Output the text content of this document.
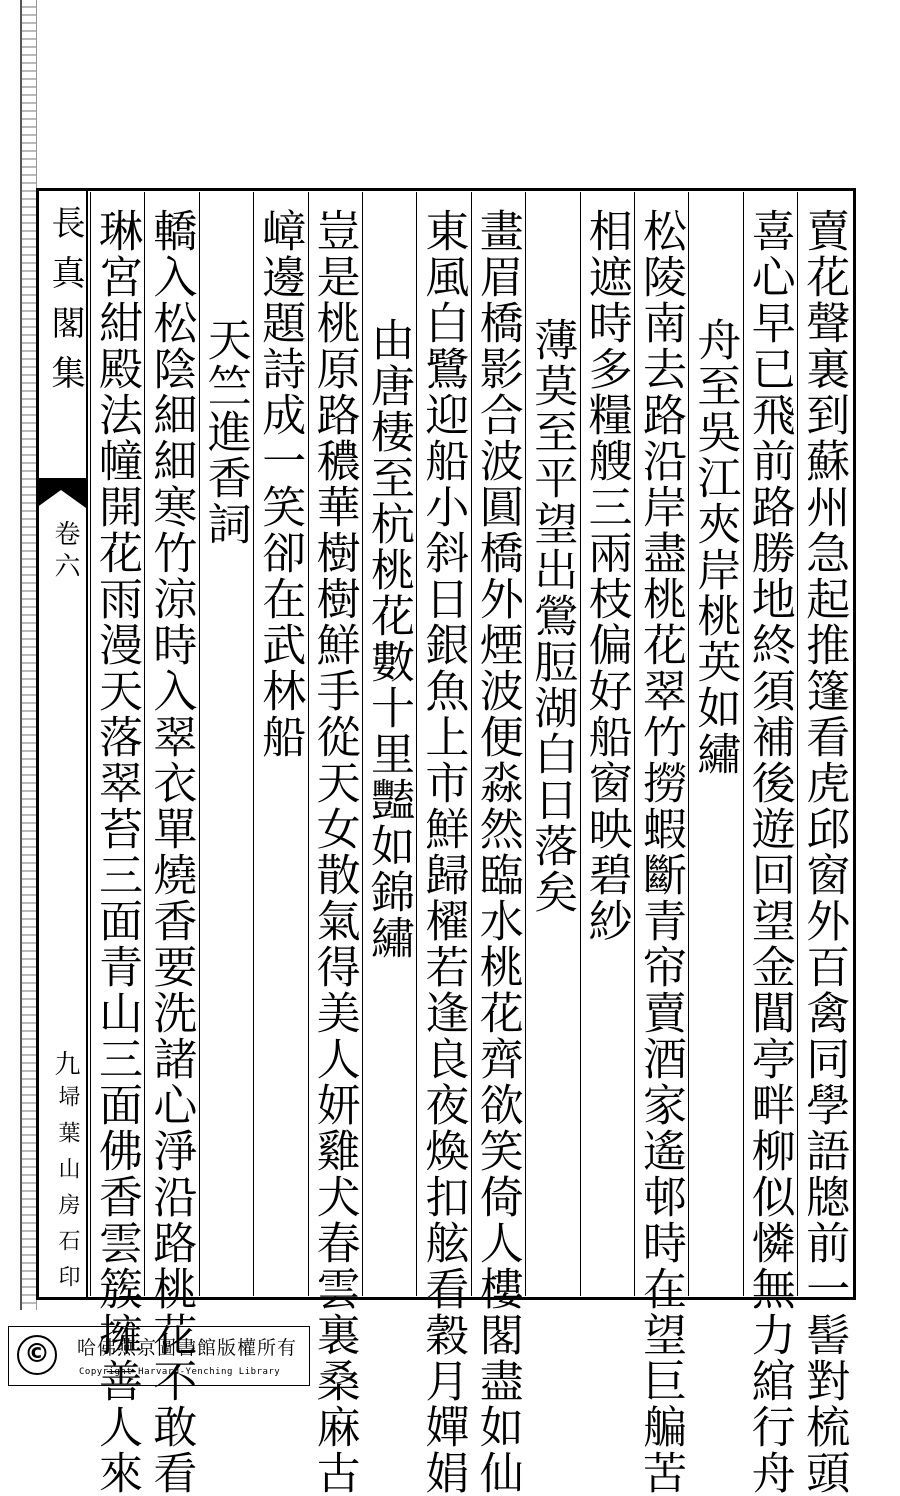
長真閣集
卷六
九
埽葉山房石印	賣花聲裏到蘇州急起推篷看虎邱窗外百禽同學語牕前一髻對梳頭
喜心早已飛前路勝地終須補後遊回望金閶亭畔柳似憐無力綰行舟
舟至吳江夾岸桃英如繡
松陵南去路沿岸盡桃花翠竹撈蝦斷青帘賣酒家遙邨時在望巨艑苦
相遮時多糧艘三兩枝偏好船窗映碧紗
薄莫至平望出鶯脰湖白日落矣
畫眉橋影合波圓橋外煙波便淼然臨水桃花齊欲笑倚人樓閣盡如仙
東風白鷺迎船小斜日銀魚上市鮮歸櫂若逢良夜煥扣舷看穀月嬋娟
由唐棲至杭桃花數十里豔如錦繡
豈是桃原路穠華樹樹鮮手從天女散氣得美人妍雞犬春雲裏桑麻古
嶂邊題詩成一笑卻在武林船
天竺進香詞
轎入松陰細細寒竹涼時入翠衣單燒香要洗諸心淨沿路桃花不敢看
琳宮紺殿法幢開花雨漫天落翠苔三面青山三面佛香雲簇擁善人來
©	哈佛燕京圖書館版權所有
Copyright Harvard-Yenching Library
